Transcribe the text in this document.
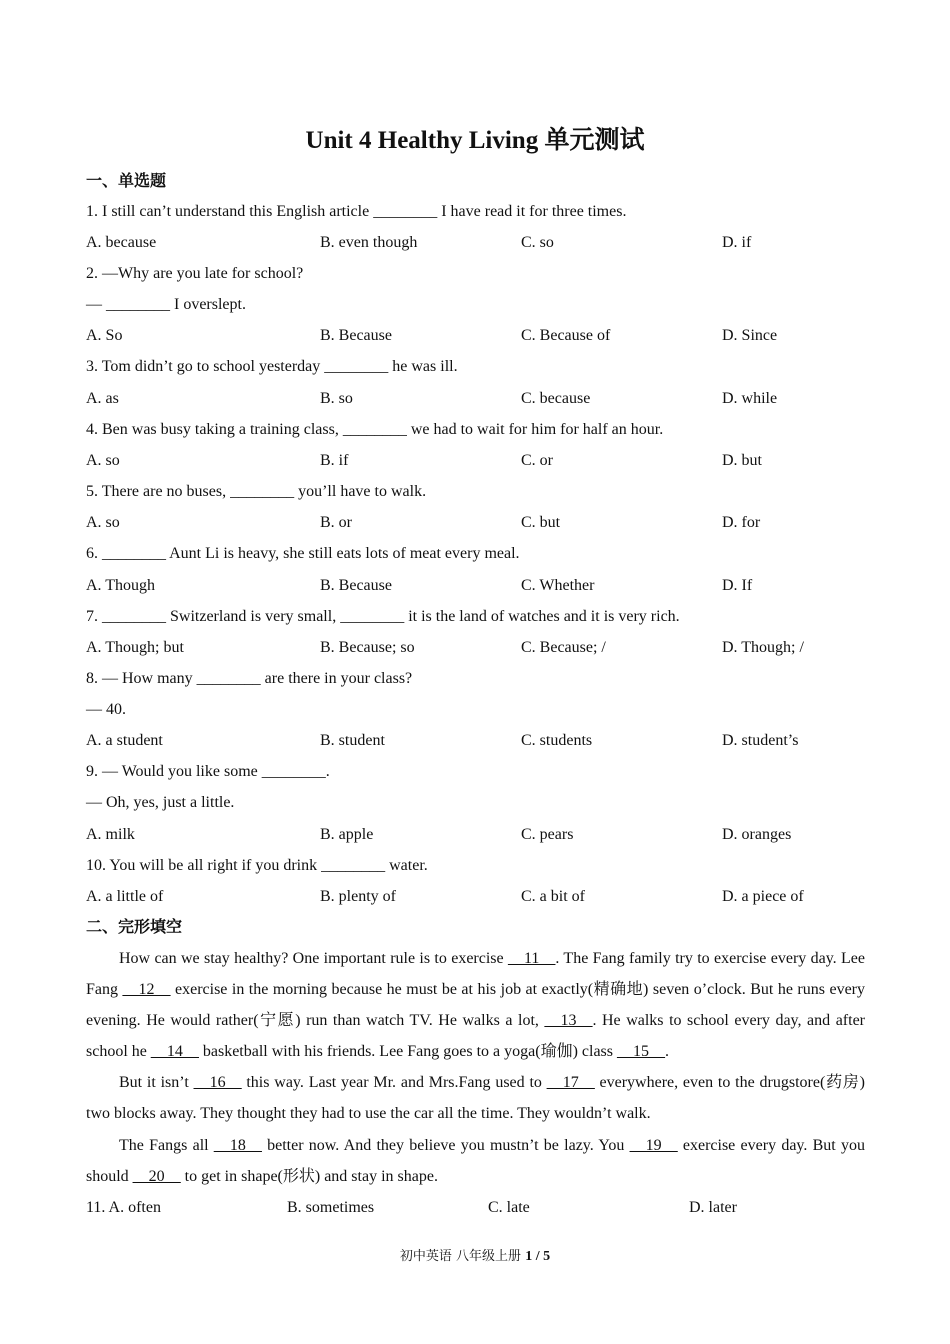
Unit 4 Healthy Living 单元测试
一、单选题
1. I still can’t understand this English article ________ I have read it for three times.
A. because	B. even though	C. so	D. if
2. —Why are you late for school?
— ________ I overslept.
A. So	B. Because	C. Because of	D. Since
3. Tom didn’t go to school yesterday ________ he was ill.
A. as	B. so	C. because	D. while
4. Ben was busy taking a training class, ________ we had to wait for him for half an hour.
A. so	B. if	C. or	D. but
5. There are no buses, ________ you’ll have to walk.
A. so	B. or	C. but	D. for
6. ________ Aunt Li is heavy, she still eats lots of meat every meal.
A. Though	B. Because	C. Whether	D. If
7. ________ Switzerland is very small, ________ it is the land of watches and it is very rich.
A. Though; but	B. Because; so	C. Because; /	D. Though; /
8. — How many ________ are there in your class?
— 40.
A. a student	B. student	C. students	D. student’s
9. — Would you like some ________.
— Oh, yes, just a little.
A. milk	B. apple	C. pears	D. oranges
10. You will be all right if you drink ________ water.
A. a little of	B. plenty of	C. a bit of	D. a piece of
二、完形填空
How can we stay healthy? One important rule is to exercise __11__. The Fang family try to exercise every day. Lee Fang __12__ exercise in the morning because he must be at his job at exactly(精确地) seven o’clock. But he runs every evening. He would rather(宁愿) run than watch TV. He walks a lot, __13__. He walks to school every day, and after school he __14__ basketball with his friends. Lee Fang goes to a yoga(瑜伽) class __15__.
But it isn’t __16__ this way. Last year Mr. and Mrs.Fang used to __17__ everywhere, even to the drugstore(药房) two blocks away. They thought they had to use the car all the time. They wouldn’t walk.
The Fangs all __18__ better now. And they believe you mustn’t be lazy. You __19__ exercise every day. But you should __20__ to get in shape(形状) and stay in shape.
11. A. often	B. sometimes	C. late	D. later
初中英语 八年级上册 1 / 5
